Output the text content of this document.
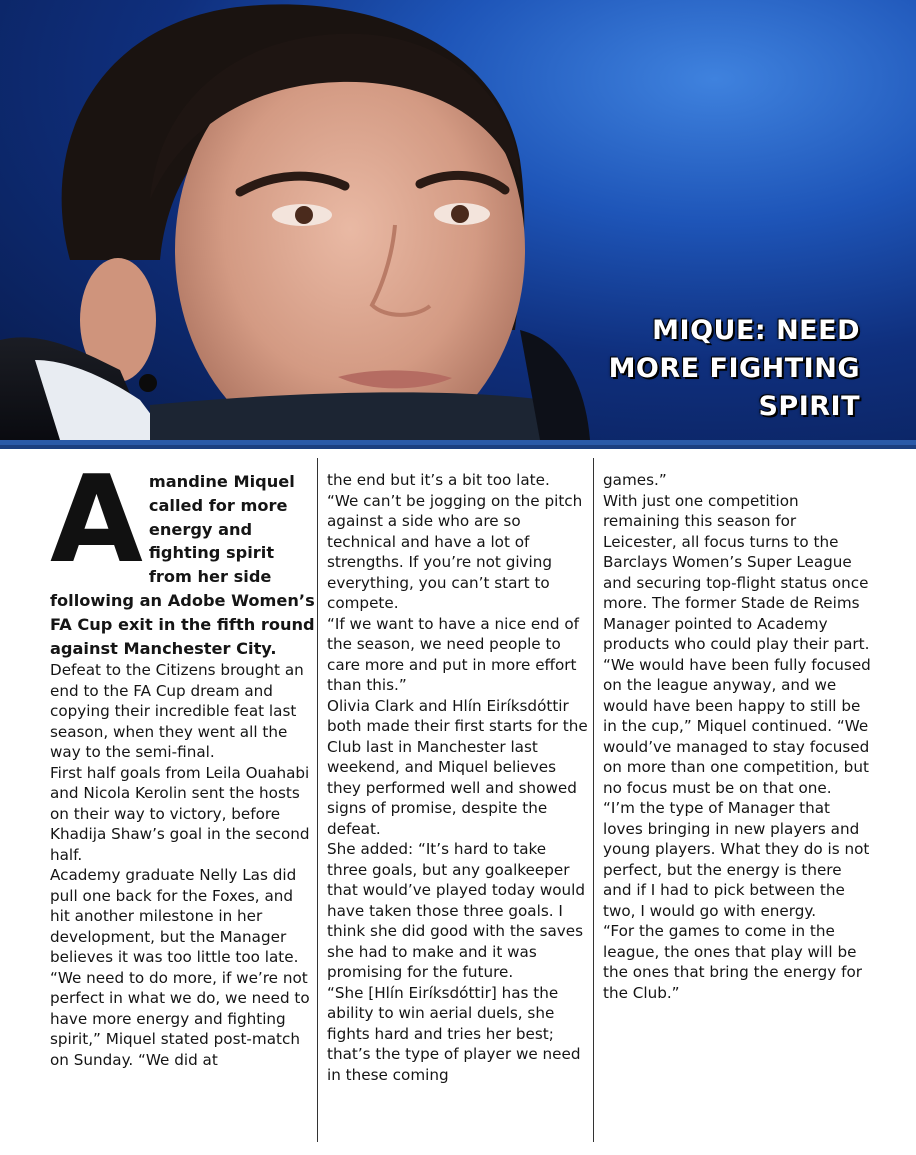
MIQUE: NEED
MORE FIGHTING
SPIRIT
A mandine Miquel called for more energy and fighting spirit from her side following an Adobe Women’s FA Cup exit in the fifth round against Manchester City.

Defeat to the Citizens brought an end to the FA Cup dream and copying their incredible feat last season, when they went all the way to the semi-final.

First half goals from Leila Ouahabi and Nicola Kerolin sent the hosts on their way to victory, before Khadija Shaw’s goal in the second half.

Academy graduate Nelly Las did pull one back for the Foxes, and hit another milestone in her development, but the Manager believes it was too little too late.

“We need to do more, if we’re not perfect in what we do, we need to have more energy and fighting spirit,” Miquel stated post-match on Sunday. “We did at

the end but it’s a bit too late.

“We can’t be jogging on the pitch against a side who are so technical and have a lot of strengths. If you’re not giving everything, you can’t start to compete.

“If we want to have a nice end of the season, we need people to care more and put in more effort than this.”

Olivia Clark and Hlín Eiríksdóttir both made their first starts for the Club last in Manchester last weekend, and Miquel believes they performed well and showed signs of promise, despite the defeat.

She added: “It’s hard to take three goals, but any goalkeeper that would’ve played today would have taken those three goals. I think she did good with the saves she had to make and it was promising for the future.

“She [Hlín Eiríksdóttir] has the ability to win aerial duels, she fights hard and tries her best; that’s the type of player we need in these coming

games.”

With just one competition remaining this season for Leicester, all focus turns to the Barclays Women’s Super League and securing top-flight status once more. The former Stade de Reims Manager pointed to Academy products who could play their part.

“We would have been fully focused on the league anyway, and we would have been happy to still be in the cup,” Miquel continued. “We would’ve managed to stay focused on more than one competition, but no focus must be on that one.

“I’m the type of Manager that loves bringing in new players and young players. What they do is not perfect, but the energy is there and if I had to pick between the two, I would go with energy.

“For the games to come in the league, the ones that play will be the ones that bring the energy for the Club.”
